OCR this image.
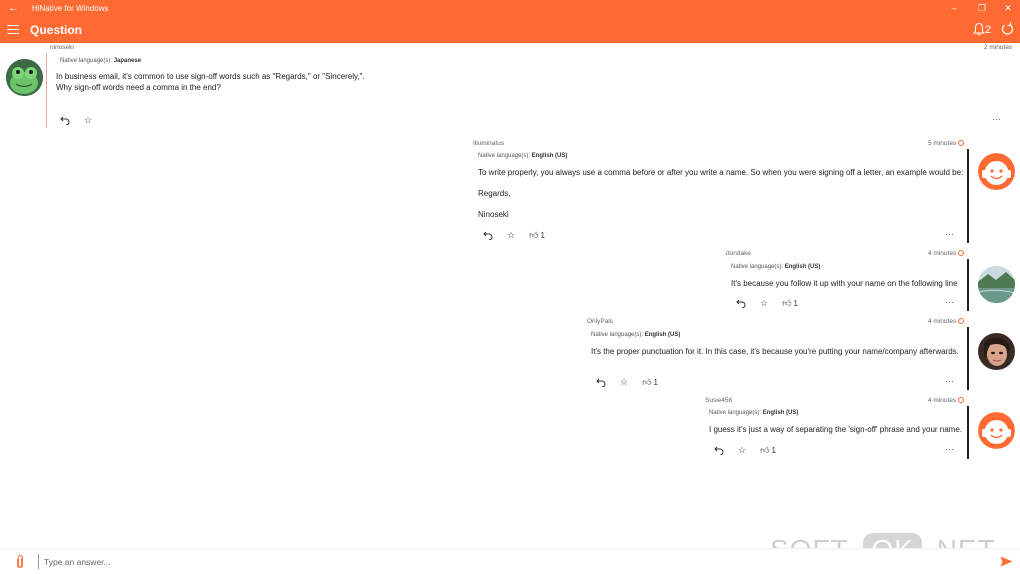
← HiNative for Windows	–	❐	✕
Question	2
ninoseki	2 minutes
Native language(s): Japanese
In business email, it's common to use sign-off words such as "Regards," or "Sincerely,".
Why sign-off words need a comma in the end?
☆	···
Illuminatus	5 minutes
Native language(s): English (US)
To write properly, you always use a comma before or after you write a name. So when you were signing off a letter, an example would be:
Regards,
Ninoseki
☆ 👍︎ 1	···
dondake	4 minutes
Native language(s): English (US)
It's because you follow it up with your name on the following line
☆ 👍︎ 1	···
OnlyPals	4 minutes
Native language(s): English (US)
It's the proper punctuation for it. In this case, it's because you're putting your name/company afterwards.
☆ 👍︎ 1	···
Susie456	4 minutes
Native language(s): English (US)
I guess it's just a way of separating the 'sign-off' phrase and your name.
☆ 👍︎ 1	···
Type an answer...
